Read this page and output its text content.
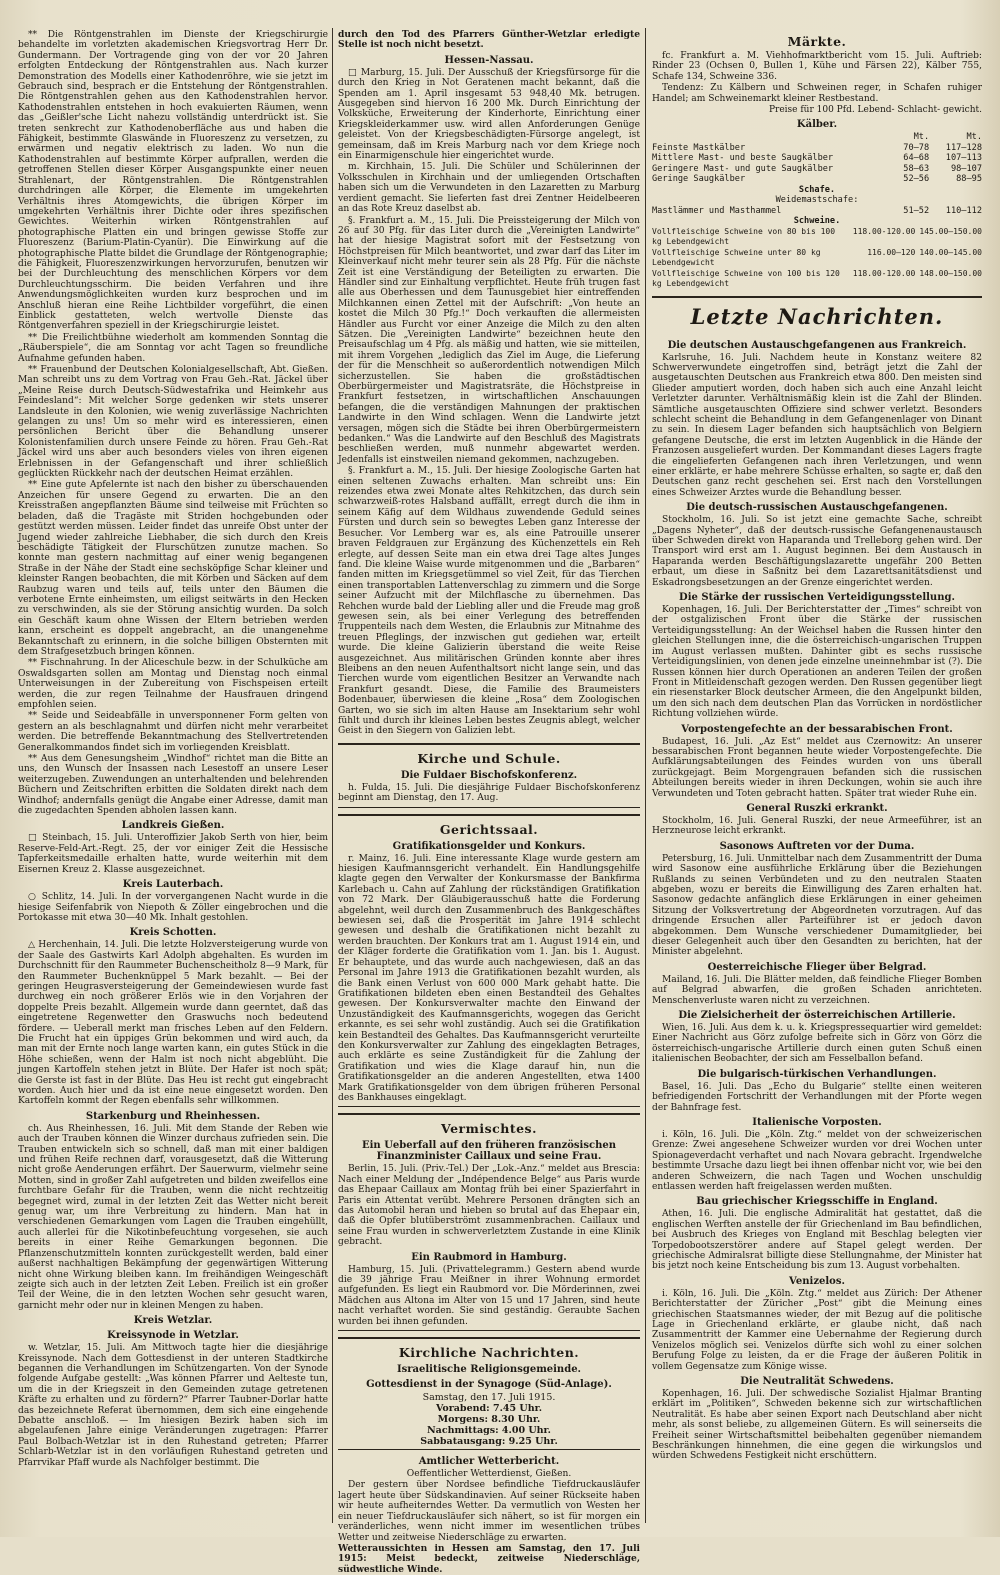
** Die Röntgenstrahlen im Dienste der Kriegschirurgie behandelte im vorletzten akademischen Kriegsvortrag Herr Dr. Gundermann. Der Vortragende ging von der vor 20 Jahren erfolgten Entdeckung der Röntgenstrahlen aus. Nach kurzer Demonstration des Modells einer Kathodenröhre, wie sie jetzt im Gebrauch sind, besprach er die Entstehung der Röntgenstrahlen. Die Röntgenstrahlen gehen aus den Kathodenstrahlen hervor. Kathodenstrahlen entstehen in hoch evakuierten Räumen, wenn das „Geißler'sche Licht nahezu vollständig unterdrückt ist. Sie treten senkrecht zur Kathodenoberfläche aus und haben die Fähigkeit, bestimmte Glaswände in Fluoreszenz zu versetzen, zu erwärmen und negativ elektrisch zu laden. Wo nun die Kathodenstrahlen auf bestimmte Körper aufprallen, werden die getroffenen Stellen dieser Körper Ausgangspunkte einer neuen Strahlenart, der Röntgenstrahlen. Die Röntgenstrahlen durchdringen alle Körper, die Elemente im umgekehrten Verhältnis ihres Atomgewichts, die übrigen Körper im umgekehrten Verhältnis ihrer Dichte oder ihres spezifischen Gewichtes. Weiterhin wirken Röntgenstrahlen auf photographische Platten ein und bringen gewisse Stoffe zur Fluoreszenz (Barium-Platin-Cyanür). Die Einwirkung auf die photographische Platte bildet die Grundlage der Röntgenographie; die Fähigkeit, Fluoreszenzwirkungen hervorzurufen, benutzen wir bei der Durchleuchtung des menschlichen Körpers vor dem Durchleuchtungsschirm. Die beiden Verfahren und ihre Anwendungsmöglichkeiten wurden kurz besprochen und im Anschluß hieran eine Reihe Lichtbilder vorgeführt, die einen Einblick gestatteten, welch wertvolle Dienste das Röntgenverfahren speziell in der Kriegschirurgie leistet.

** Die Freilichtbühne wiederholt am kommenden Sonntag die „Räuberspiele“, die am Sonntag vor acht Tagen so freundliche Aufnahme gefunden haben.

** Frauenbund der Deutschen Kolonialgesellschaft, Abt. Gießen. Man schreibt uns zu dem Vortrag von Frau Geh.-Rat. Jäckel über „Meine Reise durch Deutsch-Südwestafrika und Heimkehr aus Feindesland“: Mit welcher Sorge gedenken wir stets unserer Landsleute in den Kolonien, wie wenig zuverlässige Nachrichten gelangen zu uns! Um so mehr wird es interessieren, einen persönlichen Bericht über die Behandlung unserer Kolonistenfamilien durch unsere Feinde zu hören. Frau Geh.-Rat Jäckel wird uns aber auch besonders vieles von ihren eigenen Erlebnissen in der Gefangenschaft und ihrer schließlich geglückten Rückkehr nach der deutschen Heimat erzählen.

** Eine gute Apfelernte ist nach den bisher zu überschauenden Anzeichen für unsere Gegend zu erwarten. Die an den Kreisstraßen angepflanzten Bäume sind teilweise mit Früchten so beladen, daß die Tragäste mit Striden hochgebunden oder gestützt werden müssen. Leider findet das unreife Obst unter der Jugend wieder zahlreiche Liebhaber, die sich durch den Kreis beschädigte Tätigkeit der Flurschützen zunutze machen. So konnte man gestern nachmittag auf einer wenig begangenen Straße in der Nähe der Stadt eine sechsköpfige Schar kleiner und kleinster Rangen beobachten, die mit Körben und Säcken auf dem Raubzug waren und teils auf, teils unter den Bäumen die verbotene Ernte einheimsten, um eiligst seitwärts in den Hecken zu verschwinden, als sie der Störung ansichtig wurden. Da solch ein Geschäft kaum ohne Wissen der Eltern betrieben werden kann, erscheint es doppelt angebracht, an die unangenehme Bekanntschaft zu erinnern, in die solche billigen Obsternten mit dem Strafgesetzbuch bringen können.

** Fischnahrung. In der Aliceschule bezw. in der Schulküche am Oswaldsgarten sollen am Montag und Dienstag noch einmal Unterweisungen in der Zubereitung von Fischspeisen erteilt werden, die zur regen Teilnahme der Hausfrauen dringend empfohlen seien.

** Seide und Seideabfälle in unversponnener Form gelten von gestern an als beschlagnahmt und dürfen nicht mehr verarbeitet werden. Die betreffende Bekanntmachung des Stellvertretenden Generalkommandos findet sich im vorliegenden Kreisblatt.

** Aus dem Genesungsheim „Windhof“ richtet man die Bitte an uns, den Wunsch der Insassen nach Lesestoff an unsere Leser weiterzugeben. Zuwendungen an unterhaltenden und belehrenden Büchern und Zeitschriften erbitten die Soldaten direkt nach dem Windhof; andernfalls genügt die Angabe einer Adresse, damit man die zugedachten Spenden abholen lassen kann.

Landkreis Gießen.

□ Steinbach, 15. Juli. Unteroffizier Jakob Serth von hier, beim Reserve-Feld-Art.-Regt. 25, der vor einiger Zeit die Hessische Tapferkeitsmedaille erhalten hatte, wurde weiterhin mit dem Eisernen Kreuz 2. Klasse ausgezeichnet.

Kreis Lauterbach.

○ Schlitz, 14. Juli. In der vorvergangenen Nacht wurde in die hiesige Seifenfabrik von Niepoth & Zöller eingebrochen und die Portokasse mit etwa 30—40 Mk. Inhalt gestohlen.

Kreis Schotten.

△ Herchenhain, 14. Juli. Die letzte Holzversteigerung wurde von der Saale des Gastwirts Karl Adolph abgehalten. Es wurden im Durchschnitt für den Raummeter Buchenscheitholz 8—9 Mark, für den Raummeter Buchenknüppel 5 Mark bezahlt. — Bei der geringen Heugrasversteigerung der Gemeindewiesen wurde fast durchweg ein noch größerer Erlös wie in den Vorjahren der doppelte Preis bezahlt. Allgemein wurde dann geerntet, daß das eingetretene Regenwetter den Graswuchs noch bedeutend fördere. — Ueberall merkt man frisches Leben auf den Feldern. Die Frucht hat ein üppiges Grün bekommen und wird auch, da man mit der Ernte noch lange warten kann, ein gutes Stück in die Höhe schießen, wenn der Halm ist noch nicht abgeblüht. Die jungen Kartoffeln stehen jetzt in Blüte. Der Hafer ist noch spät; die Gerste ist fast in der Blüte. Das Heu ist recht gut eingebracht worden. Auch hier und da ist eine neue eingesetzt worden. Den Kartoffeln kommt der Regen ebenfalls sehr willkommen.

Starkenburg und Rheinhessen.

ch. Aus Rheinhessen, 16. Juli. Mit dem Stande der Reben wie auch der Trauben können die Winzer durchaus zufrieden sein. Die Trauben entwickeln sich so schnell, daß man mit einer baldigen und frühen Reife rechnen darf, vorausgesetzt, daß die Witterung nicht große Aenderungen erfährt. Der Sauerwurm, vielmehr seine Motten, sind in großer Zahl aufgetreten und bilden zweifellos eine furchtbare Gefahr für die Trauben, wenn die nicht rechtzeitig begegnet wird, zumal in der letzten Zeit das Wetter nicht bereit genug war, um ihre Verbreitung zu hindern. Man hat in verschiedenen Gemarkungen vom Lagen die Trauben eingehüllt, auch allerlei für die Nikotinbefeuchtung vorgesehen, sie auch bereits in einer Reihe Gemarkungen begonnen. Die Pflanzenschutzmitteln konnten zurückgestellt werden, bald einer außerst nachhaltigen Bekämpfung der gegenwärtigen Witterung nicht ohne Wirkung bleiben kann. Im freihändigen Weingeschäft zeigte sich auch in der letzten Zeit Leben. Freilich ist ein großer Teil der Weine, die in den letzten Wochen sehr gesucht waren, garnicht mehr oder nur in kleinen Mengen zu haben.

Kreis Wetzlar.
Kreissynode in Wetzlar.

w. Wetzlar, 15. Juli. Am Mittwoch tagte hier die diesjährige Kreissynode. Nach dem Gottesdienst in der unteren Stadtkirche begannen die Verhandlungen im Schützengarten. Von der Synode folgende Aufgabe gestellt: „Was können Pfarrer und Aelteste tun, um die in der Kriegszeit in den Gemeinden zutage getretenen Kräfte zu erhalten und zu fördern?“ Pfarrer Taubner-Dorlar hatte das bezeichnete Referat übernommen, dem sich eine eingehende Debatte anschloß. — Im hiesigen Bezirk haben sich im abgelaufenen Jahre einige Veränderungen zugetragen: Pfarrer Paul Bolbach-Wetzlar ist in den Ruhestand getreten; Pfarrer Schlarb-Wetzlar ist in den vorläufigen Ruhestand getreten und Pfarrvikar Pfaff wurde als Nachfolger bestimmt. Die

durch den Tod des Pfarrers Günther-Wetzlar erledigte Stelle ist noch nicht besetzt.

Hessen-Nassau.

□ Marburg, 15. Juli. Der Ausschuß der Kriegsfürsorge für die durch den Krieg in Not Geratenen macht bekannt, daß die Spenden am 1. April insgesamt 53 948,40 Mk. betrugen. Ausgegeben sind hiervon 16 200 Mk. Durch Einrichtung der Volksküche, Erweiterung der Kinderhorte, Einrichtung einer Kriegskleiderkammer usw. wird allen Anforderungen Genüge geleistet. Von der Kriegsbeschädigten-Fürsorge angelegt, ist gemeinsam, daß im Kreis Marburg nach vor dem Kriege noch ein Einarmigenschule hier eingerichtet wurde.

m. Kirchhain, 15. Juli. Die Schüler und Schülerinnen der Volksschulen in Kirchhain und der umliegenden Ortschaften haben sich um die Verwundeten in den Lazaretten zu Marburg verdient gemacht. Sie lieferten fast drei Zentner Heidelbeeren an das Rote Kreuz daselbst ab.

§. Frankfurt a. M., 15. Juli. Die Preissteigerung der Milch von 26 auf 30 Pfg. für das Liter durch die „Vereinigten Landwirte“ hat der hiesige Magistrat sofort mit der Festsetzung von Höchstpreisen für Milch beantwortet, und zwar darf das Liter im Kleinverkauf nicht mehr teurer sein als 28 Pfg. Für die nächste Zeit ist eine Verständigung der Beteiligten zu erwarten. Die Händler sind zur Einhaltung verpflichtet. Heute früh trugen fast alle aus Oberhessen und dem Taunusgebiet hier eintreffenden Milchkannen einen Zettel mit der Aufschrift: „Von heute an kostet die Milch 30 Pfg.!“ Doch verkauften die allermeisten Händler aus Furcht vor einer Anzeige die Milch zu den alten Sätzen. Die „Vereinigten Landwirte“ bezeichnen heute den Preisaufschlag um 4 Pfg. als mäßig und hatten, wie sie mitteilen, mit ihrem Vorgehen „lediglich das Ziel im Auge, die Lieferung der für die Menschheit so außerordentlich notwendigen Milch sicherzustellen. Sie haben die großstädtischen Oberbürgermeister und Magistratsräte, die Höchstpreise in Frankfurt festsetzen, in wirtschaftlichen Anschauungen befangen, die die verständigen Mahnungen der praktischen Landwirte in den Wind schlagen. Wenn die Landwirte jetzt versagen, mögen sich die Städte bei ihren Oberbürgermeistern bedanken.“ Was die Landwirte auf den Beschluß des Magistrats beschließen werden, muß nunmehr abgewartet werden. Jedenfalls ist einstweilen niemand gekommen, nachzugeben.

§. Frankfurt a. M., 15. Juli. Der hiesige Zoologische Garten hat einen seltenen Zuwachs erhalten. Man schreibt uns: Ein reizendes etwa zwei Monate altes Rehkitzchen, das durch sein schwarzweiß-rotes Halsband auffällt, erregt durch die ihm in seinem Käfig auf dem Wildhaus zuwendende Geduld seines Fürsten und durch sein so bewegtes Leben ganz Interesse der Besucher. Vor Lemberg war es, als eine Patrouille unserer braven Feldgrauen zur Ergänzung des Küchenzettels ein Reh erlegte, auf dessen Seite man ein etwa drei Tage altes Junges fand. Die kleine Waise wurde mitgenommen und die „Barbaren“ fanden mitten im Kriegsgetümmel so viel Zeit, für das Tierchen einen transportablen Lattenverschlag zu zimmern und die Sorge seiner Aufzucht mit der Milchflasche zu übernehmen. Das Rehchen wurde bald der Liebling aller und die Freude mag groß gewesen sein, als bei einer Verlegung des betreffenden Truppenteils nach dem Westen, die Erlaubnis zur Mitnahme des treuen Pfleglings, der inzwischen gut gediehen war, erteilt wurde. Die kleine Galizierin überstand die weite Reise ausgezeichnet. Aus militärischen Gründen konnte aber ihres Bleibens an den neuen Aufenthaltsort nicht lange sein, und das Tierchen wurde vom eigentlichen Besitzer an Verwandte nach Frankfurt gesandt. Diese, die Familie des Braumeisters Bodenbauer, überwiesen die kleine „Rosa“ dem Zoologischen Garten, wo sie sich im alten Hause am Insektarium sehr wohl fühlt und durch ihr kleines Leben bestes Zeugnis ablegt, welcher Geist in den Siegern von Galizien lebt.

Kirche und Schule.
Die Fuldaer Bischofskonferenz.

h. Fulda, 15. Juli. Die diesjährige Fuldaer Bischofskonferenz beginnt am Dienstag, den 17. Aug.

Gerichtssaal.
Gratifikationsgelder und Konkurs.

r. Mainz, 16. Juli. Eine interessante Klage wurde gestern am hiesigen Kaufmannsgericht verhandelt. Ein Handlungsgehilfe klagte gegen den Verwalter der Konkursmasse der Bankfirma Karlebach u. Cahn auf Zahlung der rückständigen Gratifikation von 72 Mark. Der Gläubigerausschuß hatte die Forderung abgelehnt, weil durch den Zusammenbruch des Bankgeschäftes bewiesen sei, daß die Prosperität im Jahre 1914 schlecht gewesen und deshalb die Gratifikationen nicht bezahlt zu werden brauchten. Der Konkurs trat am 1. August 1914 ein, und der Kläger forderte die Gratifikation vom 1. Jan. bis 1. August. Er behauptete, und das wurde auch nachgewiesen, daß an das Personal im Jahre 1913 die Gratifikationen bezahlt wurden, als die Bank einen Verlust von 600 000 Mark gehabt hatte. Die Gratifikationen bildeten eben einen Bestandteil des Gehaltes gewesen. Der Konkursverwalter machte den Einwand der Unzuständigkeit des Kaufmannsgerichts, wogegen das Gericht erkannte, es sei sehr wohl zuständig. Auch sei die Gratifikation kein Bestandteil des Gehaltes. Das Kaufmannsgericht verurteilte den Konkursverwalter zur Zahlung des eingeklagten Betrages, auch erklärte es seine Zuständigkeit für die Zahlung der Gratifikation und wies die Klage darauf hin, nun die Gratifikationsgelder an die anderen Angestellten, etwa 1400 Mark Gratifikationsgelder von dem übrigen früheren Personal des Bankhauses eingeklagt.

Vermischtes.
Ein Ueberfall auf den früheren französischen Finanzminister Caillaux und seine Frau.

Berlin, 15. Juli. (Priv.-Tel.) Der „Lok.-Anz.“ meldet aus Brescia: Nach einer Meldung der „Indépendence Belge“ aus Paris wurde das Ehepaar Caillaux am Montag früh bei einer Spazierfahrt in Paris ein Attentat verübt. Mehrere Personen drängten sich an das Automobil heran und hieben so brutal auf das Ehepaar ein, daß die Opfer blutüberströmt zusammenbrachen. Caillaux und seine Frau wurden in schwerverletztem Zustande in eine Klinik gebracht.

Ein Raubmord in Hamburg.

Hamburg, 15. Juli. (Privattelegramm.) Gestern abend wurde die 39 jährige Frau Meißner in ihrer Wohnung ermordet aufgefunden. Es liegt ein Raubmord vor. Die Mörderinnen, zwei Mädchen aus Altona im Alter von 15 und 17 Jahren, sind heute nacht verhaftet worden. Sie sind geständig. Geraubte Sachen wurden bei ihnen gefunden.

Kirchliche Nachrichten.
Israelitische Religionsgemeinde.
Gottesdienst in der Synagoge (Süd-Anlage).
Samstag, den 17. Juli 1915.
Vorabend: 7.45 Uhr.
Morgens: 8.30 Uhr.
Nachmittags: 4.00 Uhr.
Sabbatausgang: 9.25 Uhr.
Amtlicher Wetterbericht.

Oeffentlicher Wetterdienst, Gießen.

Der gestern über Nordsee befindliche Tiefdruckausläufer lagert heute über Südskandinavien. Auf seiner Rückseite haben wir heute aufheiterndes Wetter. Da vermutlich von Westen her ein neuer Tiefdruckausläufer sich nähert, so ist für morgen ein veränderliches, wenn nicht immer im wesentlichen trübes Wetter und zeitweise Niederschläge zu erwarten.

Wetteraussichten in Hessen am Samstag, den 17. Juli 1915: Meist bedeckt, zeitweise Niederschläge, südwestliche Winde.

Märkte.

fc. Frankfurt a. M. Viehhofmarktbericht vom 15. Juli. Auftrieb: Rinder 23 (Ochsen 0, Bullen 1, Kühe und Färsen 22), Kälber 755, Schafe 134, Schweine 336.

Tendenz: Zu Kälbern und Schweinen reger, in Schafen ruhiger Handel; am Schweinemarkt kleiner Restbestand.

Preise für 100 Pfd. Lebend- Schlacht- gewicht.
Kälber.
	Mt.	Mt.
Feinste Mastkälber	70—78	117—128
Mittlere Mast- und beste Saugkälber	64—68	107—113
Geringere Mast- und gute Saugkälber	58—63	98—107
Geringe Saugkälber	52—56	88—95
Schafe.		
Weidemastschafe:		
Mastlämmer und Masthammel	51—52	110—112
Schweine.		
Vollfleischige Schweine von 80 bis 100 kg Lebendgewicht	118.00-120.00	145.00—150.00
Vollfleischige Schweine unter 80 kg Lebendgewicht	116.00—120	140.00—145.00
Vollfleischige Schweine von 100 bis 120 kg Lebendgewicht	118.00-120.00	148.00—150.00
Letzte Nachrichten.
Die deutschen Austauschgefangenen aus Frankreich.

Karlsruhe, 16. Juli. Nachdem heute in Konstanz weitere 82 Schwerverwundete eingetroffen sind, beträgt jetzt die Zahl der ausgetauschten Deutschen aus Frankreich etwa 800. Den meisten sind Glieder amputiert worden, doch haben sich auch eine Anzahl leicht Verletzter darunter. Verhältnismäßig klein ist die Zahl der Blinden. Sämtliche ausgetauschten Offiziere sind schwer verletzt. Besonders schlecht scheint die Behandlung in dem Gefangenenlager von Dinant zu sein. In diesem Lager befanden sich hauptsächlich von Belgiern gefangene Deutsche, die erst im letzten Augenblick in die Hände der Franzosen ausgeliefert wurden. Der Kommandant dieses Lagers fragte die eingelieferten Gefangenen nach ihren Verletzungen, und wenn einer erklärte, er habe mehrere Schüsse erhalten, so sagte er, daß den Deutschen ganz recht geschehen sei. Erst nach den Vorstellungen eines Schweizer Arztes wurde die Behandlung besser.

Die deutsch-russischen Austauschgefangenen.

Stockholm, 16. Juli. So ist jetzt eine gemachte Sache, schreibt „Dagens Nyheter“, daß der deutsch-russische Gefangenenaustausch über Schweden direkt von Haparanda und Trelleborg gehen wird. Der Transport wird erst am 1. August beginnen. Bei dem Austausch in Haparanda werden Beschäftigungslazarette ungefähr 200 Betten erbaut, um diese in Saßnitz bei dem Lazarettsanitätsdienst und Eskadrongsbesetzungen an der Grenze eingerichtet werden.

Die Stärke der russischen Verteidigungsstellung.

Kopenhagen, 16. Juli. Der Berichterstatter der „Times“ schreibt von der ostgalizischen Front über die Stärke der russischen Verteidigungsstellung: An der Weichsel haben die Russen hinter den gleichen Stellungen inne, die die österreichisch-ungarischen Truppen im August verlassen mußten. Dahinter gibt es sechs russische Verteidigungslinien, von denen jede einzelne uneinnehmbar ist (?). Die Russen können hier durch Operationen an anderen Teilen der großen Front in Mitleidenschaft gezogen werden. Den Russen gegenüber liegt ein riesenstarker Block deutscher Armeen, die den Angelpunkt bilden, um den sich nach dem deutschen Plan das Vorrücken in nordöstlicher Richtung vollziehen würde.

Vorpostengefechte an der bessarabischen Front.

Budapest, 16. Juli. „Az Est“ meldet aus Czernowitz: An unserer bessarabischen Front begannen heute wieder Vorpostengefechte. Die Aufklärungsabteilungen des Feindes wurden von uns überall zurückgejagt. Beim Morgengrauen befanden sich die russischen Abteilungen bereits wieder in ihren Deckungen, wohin sie auch ihre Verwundeten und Toten gebracht hatten. Später trat wieder Ruhe ein.

General Ruszki erkrankt.

Stockholm, 16. Juli. General Ruszki, der neue Armeeführer, ist an Herzneurose leicht erkrankt.

Sasonows Auftreten vor der Duma.

Petersburg, 16. Juli. Unmittelbar nach dem Zusammentritt der Duma wird Sasonow eine ausführliche Erklärung über die Beziehungen Rußlands zu seinen Verbündeten und zu den neutralen Staaten abgeben, wozu er bereits die Einwilligung des Zaren erhalten hat. Sasonow gedachte anfänglich diese Erklärungen in einer geheimen Sitzung der Volksvertretung der Abgeordneten vorzutragen. Auf das dringende Ersuchen aller Parteiführer ist er jedoch davon abgekommen. Dem Wunsche verschiedener Dumamitglieder, bei dieser Gelegenheit auch über den Gesandten zu berichten, hat der Minister abgelehnt.

Oesterreichische Flieger über Belgrad.

Mailand, 16. Juli. Die Blätter melden, daß feindliche Flieger Bomben auf Belgrad abwarfen, die großen Schaden anrichteten. Menschenverluste waren nicht zu verzeichnen.

Die Zielsicherheit der österreichischen Artillerie.

Wien, 16. Juli. Aus dem k. u. k. Kriegspressequartier wird gemeldet: Einer Nachricht aus Görz zufolge befreite sich in Görz von Görz die österreichisch-ungarische Artillerie durch einen guten Schuß einen italienischen Beobachter, der sich am Fesselballon befand.

Die bulgarisch-türkischen Verhandlungen.

Basel, 16. Juli. Das „Echo du Bulgarie“ stellte einen weiteren befriedigenden Fortschritt der Verhandlungen mit der Pforte wegen der Bahnfrage fest.

Italienische Vorposten.

i. Köln, 16. Juli. Die „Köln. Ztg.“ meldet von der schweizerischen Grenze: Zwei angesehene Schweizer wurden vor drei Wochen unter Spionageverdacht verhaftet und nach Novara gebracht. Irgendwelche bestimmte Ursache dazu liegt bei ihnen offenbar nicht vor, wie bei den anderen Schweizern, die nach Tagen und Wochen unschuldig entlassen werden haft freigelassen werden mußten.

Bau griechischer Kriegsschiffe in England.

Athen, 16. Juli. Die englische Admiralität hat gestattet, daß die englischen Werften anstelle der für Griechenland im Bau befindlichen, bei Ausbruch des Krieges von England mit Beschlag belegten vier Torpedobootszerstörer andere auf Stapel gelegt werden. Der griechische Admiralsrat billigte diese Stellungnahme, der Minister hat bis jetzt noch keine Entscheidung bis zum 13. August vorbehalten.

Venizelos.

i. Köln, 16. Juli. Die „Köln. Ztg.“ meldet aus Zürich: Der Athener Berichterstatter der Züricher „Post“ gibt die Meinung eines griechischen Staatsmannes wieder, der mit Bezug auf die politische Lage in Griechenland erklärte, er glaube nicht, daß nach Zusammentritt der Kammer eine Uebernahme der Regierung durch Venizelos möglich sei. Venizelos dürfte sich wohl zu einer solchen Berufung Folge zu leisten, da er die Frage der äußeren Politik in vollem Gegensatze zum Könige wisse.

Die Neutralität Schwedens.

Kopenhagen, 16. Juli. Der schwedische Sozialist Hjalmar Branting erklärt im „Politiken“, Schweden bekenne sich zur wirtschaftlichen Neutralität. Es habe aber seinen Export nach Deutschland aber nicht mehr, als sonst beliebe, zu allgemeinen Gütern. Es will seinerseits die Freiheit seiner Wirtschaftsmittel beibehalten gegenüber niemandem Beschränkungen hinnehmen, die eine gegen die wirkungslos und würden Schwedens Festigkeit nicht erschüttern.
